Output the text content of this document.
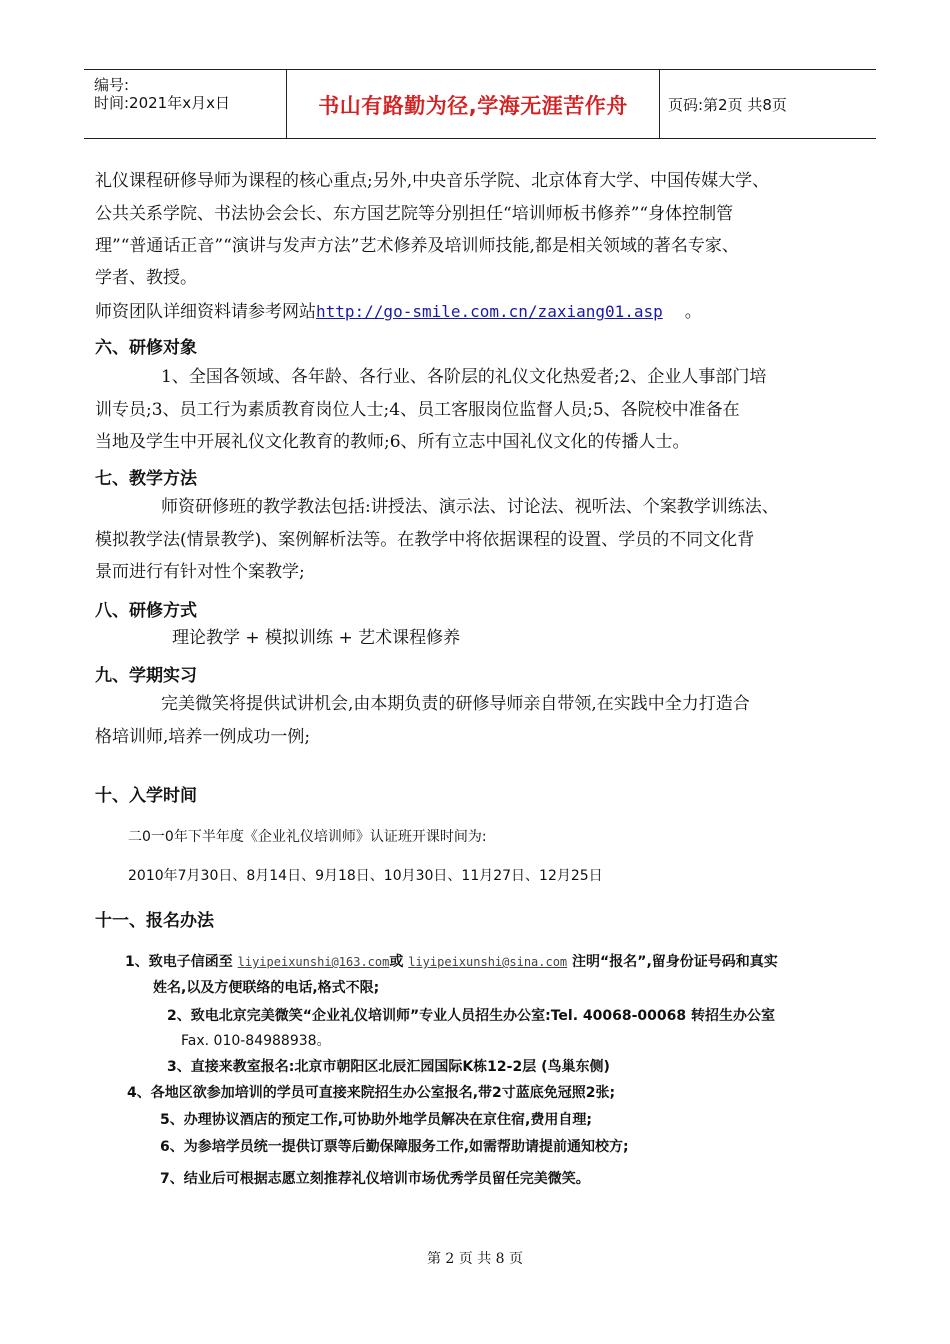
编号:
时间:2021年x月x日	书山有路勤为径,学海无涯苦作舟	页码:第2页 共8页
礼仪课程研修导师为课程的核心重点;另外,中央音乐学院、北京体育大学、中国传媒大学、
公共关系学院、书法协会会长、东方国艺院等分别担任“培训师板书修养”“身体控制管
理”“普通话正音”“演讲与发声方法”艺术修养及培训师技能,都是相关领域的著名专家、
学者、教授。
师资团队详细资料请参考网站http://go-smile.com.cn/zaxiang01.asp 。
六、研修对象
1、全国各领域、各年龄、各行业、各阶层的礼仪文化热爱者;2、企业人事部门培
训专员;3、员工行为素质教育岗位人士;4、员工客服岗位监督人员;5、各院校中准备在
当地及学生中开展礼仪文化教育的教师;6、所有立志中国礼仪文化的传播人士。
七、教学方法
师资研修班的教学教法包括:讲授法、演示法、讨论法、视听法、个案教学训练法、
模拟教学法(情景教学)、案例解析法等。在教学中将依据课程的设置、学员的不同文化背
景而进行有针对性个案教学;
八、研修方式
理论教学 + 模拟训练 + 艺术课程修养
九、学期实习
完美微笑将提供试讲机会,由本期负责的研修导师亲自带领,在实践中全力打造合
格培训师,培养一例成功一例;
十、入学时间
二0一0年下半年度《企业礼仪培训师》认证班开课时间为:
2010年7月30日、8月14日、9月18日、10月30日、11月27日、12月25日
十一、报名办法
1、致电子信函至 liyipeixunshi@163.com或 liyipeixunshi@sina.com 注明“报名”,留身份证号码和真实
姓名,以及方便联络的电话,格式不限;
2、致电北京完美微笑“企业礼仪培训师”专业人员招生办公室:Tel. 40068-00068 转招生办公室
Fax. 010-84988938。
3、直接来教室报名:北京市朝阳区北辰汇园国际K栋12-2层 (鸟巢东侧)
4、各地区欲参加培训的学员可直接来院招生办公室报名,带2寸蓝底免冠照2张;
5、办理协议酒店的预定工作,可协助外地学员解决在京住宿,费用自理;
6、为参培学员统一提供订票等后勤保障服务工作,如需帮助请提前通知校方;
7、结业后可根据志愿立刻推荐礼仪培训市场优秀学员留任完美微笑。
第 2 页 共 8 页
